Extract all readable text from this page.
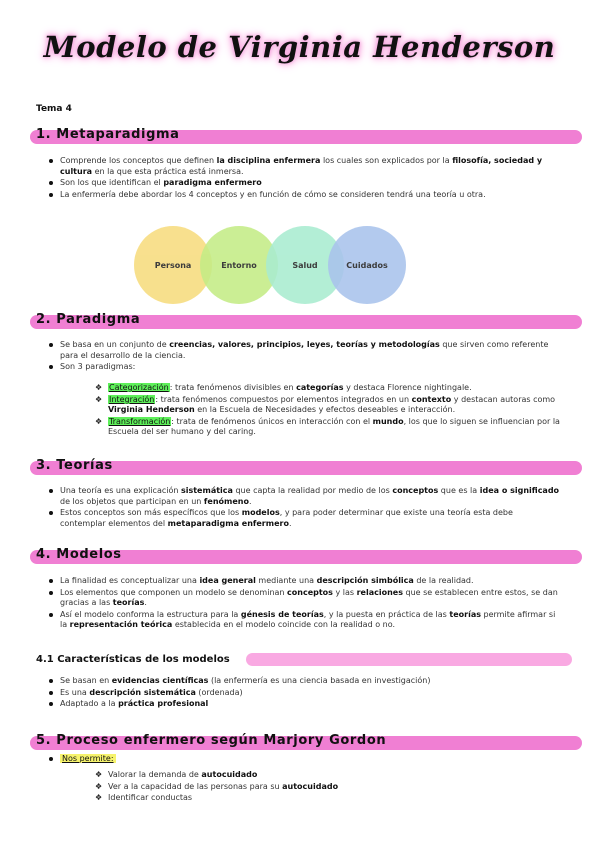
Modelo de Virginia Henderson
Tema 4
1. Metaparadigma
Comprende los conceptos que definen la disciplina enfermera los cuales son explicados por la filosofía, sociedad y cultura en la que esta práctica está inmersa.
Son los que identifican el paradigma enfermero
La enfermería debe abordar los 4 conceptos y en función de cómo se consideren tendrá una teoría u otra.
Persona	Entorno	Salud	Cuidados
2. Paradigma
Se basa en un conjunto de creencias, valores, principios, leyes, teorías y metodologías que sirven como referente para el desarrollo de la ciencia.
Son 3 paradigmas:
❖ Categorización: trata fenómenos divisibles en categorías y destaca Florence nightingale.
❖ Integración: trata fenómenos compuestos por elementos integrados en un contexto y destacan autoras como Virginia Henderson en la Escuela de Necesidades y efectos deseables e interacción.
❖ Transformación: trata de fenómenos únicos en interacción con el mundo, los que lo siguen se influencian por la Escuela del ser humano y del caring.
3. Teorías
Una teoría es una explicación sistemática que capta la realidad por medio de los conceptos que es la idea o significado de los objetos que participan en un fenómeno.
Estos conceptos son más específicos que los modelos, y para poder determinar que existe una teoría esta debe contemplar elementos del metaparadigma enfermero.
4. Modelos
La finalidad es conceptualizar una idea general mediante una descripción simbólica de la realidad.
Los elementos que componen un modelo se denominan conceptos y las relaciones que se establecen entre estos, se dan gracias a las teorías.
Así el modelo conforma la estructura para la génesis de teorías, y la puesta en práctica de las teorías permite afirmar si la representación teórica establecida en el modelo coincide con la realidad o no.
4.1 Características de los modelos
Se basan en evidencias científicas (la enfermería es una ciencia basada en investigación)
Es una descripción sistemática (ordenada)
Adaptado a la práctica profesional
5. Proceso enfermero según Marjory Gordon
Nos permite:
❖ Valorar la demanda de autocuidado
❖ Ver a la capacidad de las personas para su autocuidado
❖ Identificar conductas
